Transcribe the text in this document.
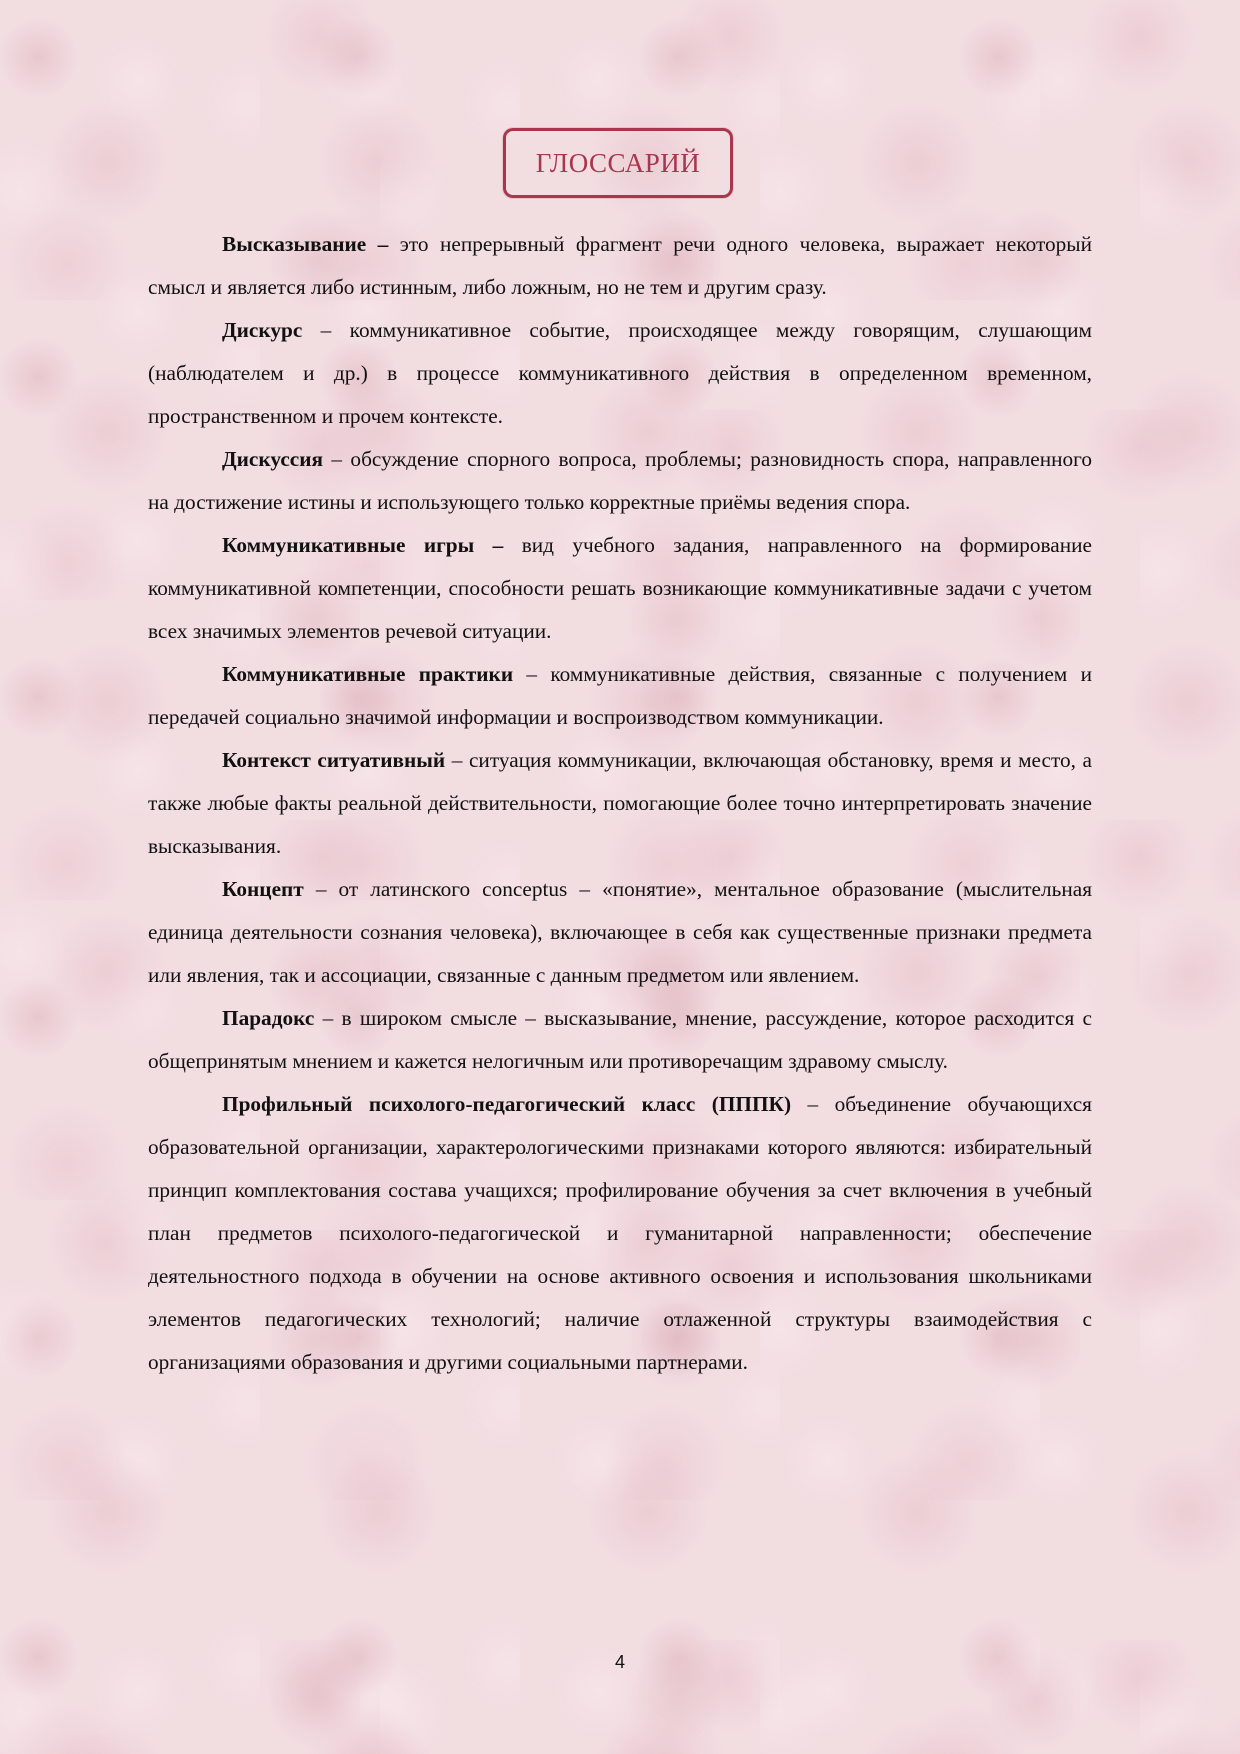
ГЛОССАРИЙ

Высказывание – это непрерывный фрагмент речи одного человека, выражает некоторый смысл и является либо истинным, либо ложным, но не тем и другим сразу.

Дискурс – коммуникативное событие, происходящее между говорящим, слушающим (наблюдателем и др.) в процессе коммуникативного действия в определенном временном, пространственном и прочем контексте.

Дискуссия – обсуждение спорного вопроса, проблемы; разновидность спора, направленного на достижение истины и использующего только корректные приёмы ведения спора.

Коммуникативные игры – вид учебного задания, направленного на формирование коммуникативной компетенции, способности решать возникающие коммуникативные задачи с учетом всех значимых элементов речевой ситуации.

Коммуникативные практики – коммуникативные действия, связанные с получением и передачей социально значимой информации и воспроизводством коммуникации.

Контекст ситуативный – ситуация коммуникации, включающая обстановку, время и место, а также любые факты реальной действительности, помогающие более точно интерпретировать значение высказывания.

Концепт – от латинского conceptus – «понятие», ментальное образование (мыслительная единица деятельности сознания человека), включающее в себя как существенные признаки предмета или явления, так и ассоциации, связанные с данным предметом или явлением.

Парадокс – в широком смысле – высказывание, мнение, рассуждение, которое расходится с общепринятым мнением и кажется нелогичным или противоречащим здравому смыслу.

Профильный психолого-педагогический класс (ПППК) – объединение обучающихся образовательной организации, характерологическими признаками которого являются: избирательный принцип комплектования состава учащихся; профилирование обучения за счет включения в учебный план предметов психолого-педагогической и гуманитарной направленности; обеспечение деятельностного подхода в обучении на основе активного освоения и использования школьниками элементов педагогических технологий; наличие отлаженной структуры взаимодействия с организациями образования и другими социальными партнерами.

4
